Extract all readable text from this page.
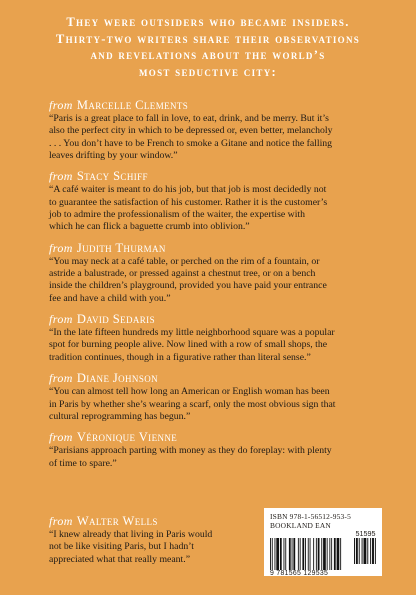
They were outsiders who became insiders.
Thirty-two writers share their observations
and revelations about the world’s
most seductive city:
from Marcelle Clements
“Paris is a great place to fall in love, to eat, drink, and be merry. But it’s
also the perfect city in which to be depressed or, even better, melancholy
. . . You don’t have to be French to smoke a Gitane and notice the falling
leaves drifting by your window.”
from Stacy Schiff
“A café waiter is meant to do his job, but that job is most decidedly not
to guarantee the satisfaction of his customer. Rather it is the customer’s
job to admire the professionalism of the waiter, the expertise with
which he can flick a baguette crumb into oblivion.”
from Judith Thurman
“You may neck at a café table, or perched on the rim of a fountain, or
astride a balustrade, or pressed against a chestnut tree, or on a bench
inside the children’s playground, provided you have paid your entrance
fee and have a child with you.”
from David Sedaris
“In the late fifteen hundreds my little neighborhood square was a popular
spot for burning people alive. Now lined with a row of small shops, the
tradition continues, though in a figurative rather than literal sense.”
from Diane Johnson
“You can almost tell how long an American or English woman has been
in Paris by whether she’s wearing a scarf, only the most obvious sign that
cultural reprogramming has begun.”
from Véronique Vienne
“Parisians approach parting with money as they do foreplay: with plenty
of time to spare.”
from Walter Wells
“I knew already that living in Paris would
not be like visiting Paris, but I hadn’t
appreciated what that really meant.”
ISBN 978-1-56512-953-5
BOOKLAND EAN
51595
9 781565 129535
